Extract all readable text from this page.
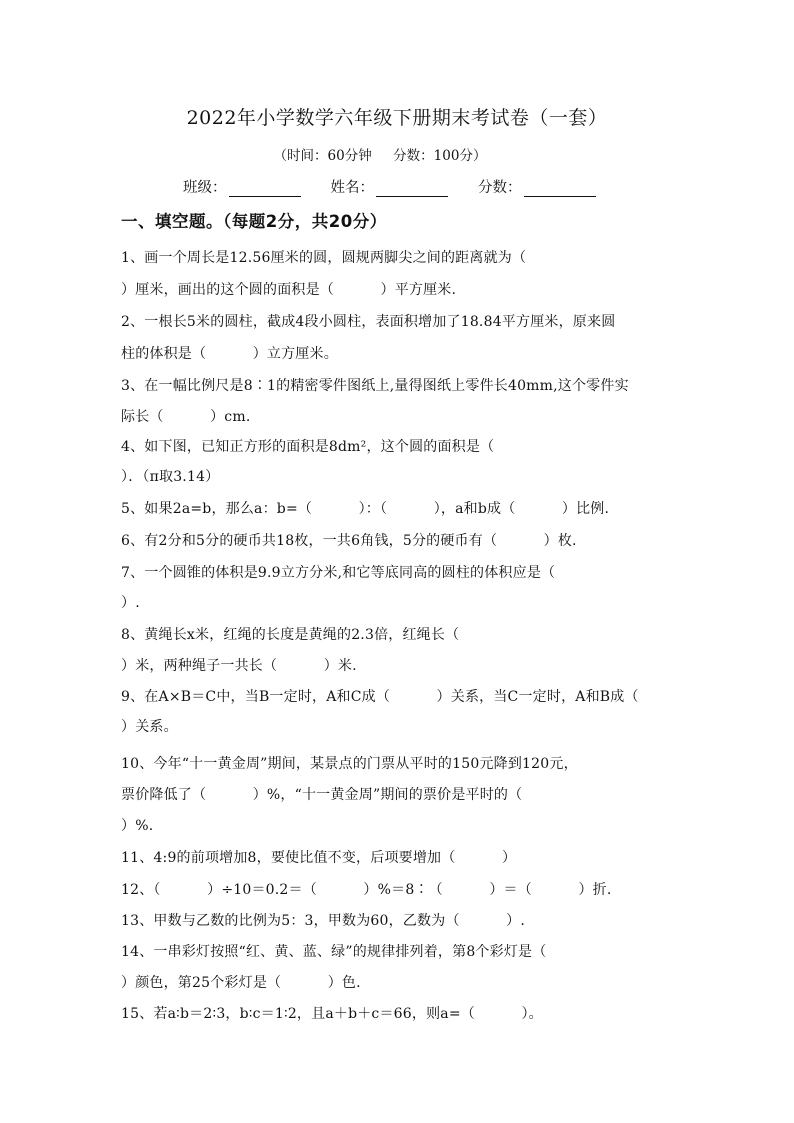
2022年小学数学六年级下册期末考试卷（一套）
（时间：60分钟     分数：100分）
班级：	姓名：	分数：
一、填空题。（每题2分，共20分）
1、画一个周长是12.56厘米的圆，圆规两脚尖之间的距离就为（
）厘米，画出的这个圆的面积是（          ）平方厘米.
2、一根长5米的圆柱，截成4段小圆柱，表面积增加了18.84平方厘米，原来圆
柱的体积是（          ）立方厘米。
3、在一幅比例尺是8∶1的精密零件图纸上,量得图纸上零件长40mm,这个零件实
际长（          ）cm.
4、如下图，已知正方形的面积是8dm²，这个圆的面积是（
）．（π取3.14）
5、如果2a=b，那么a：b=（          ）：（          ），a和b成（          ）比例.
6、有2分和5分的硬币共18枚，一共6角钱，5分的硬币有（          ）枚.
7、一个圆锥的体积是9.9立方分米,和它等底同高的圆柱的体积应是（
）.
8、黄绳长x米，红绳的长度是黄绳的2.3倍，红绳长（
）米，两种绳子一共长（          ）米.
9、在A×B＝C中，当B一定时，A和C成（          ）关系，当C一定时，A和B成（
）关系。
10、今年“十一黄金周”期间，某景点的门票从平时的150元降到120元，
票价降低了（          ）%，“十一黄金周”期间的票价是平时的（
）%.
11、4:9的前项增加8，要使比值不变，后项要增加（          ）
12、（          ）÷10＝0.2＝（          ）%＝8∶（          ）＝（          ）折.
13、甲数与乙数的比例为5：3，甲数为60，乙数为（          ）.
14、一串彩灯按照“红、黄、蓝、绿”的规律排列着，第8个彩灯是（
）颜色，第25个彩灯是（          ）色.
15、若a∶b＝2∶3，b∶c＝1∶2，且a＋b＋c＝66，则a=（          ）。
